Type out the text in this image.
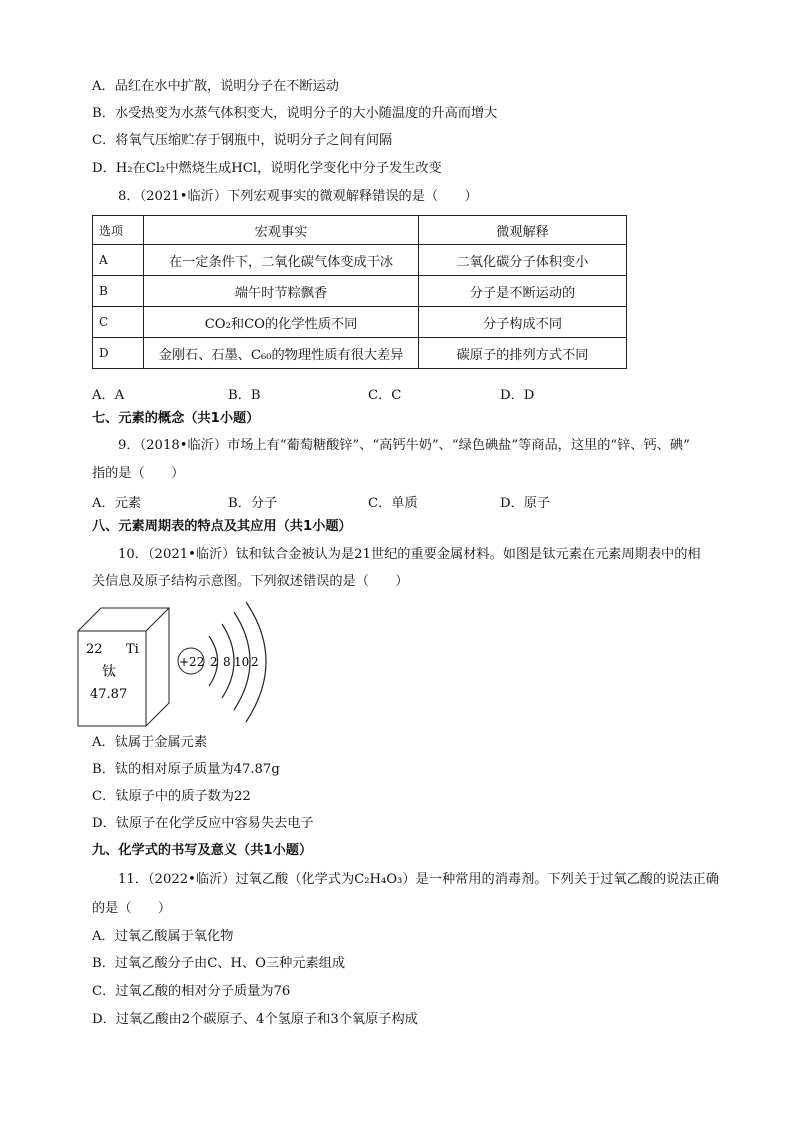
A．品红在水中扩散，说明分子在不断运动
B．水受热变为水蒸气体积变大，说明分子的大小随温度的升高而增大
C．将氧气压缩贮存于钢瓶中，说明分子之间有间隔
D．H₂在Cl₂中燃烧生成HCl，说明化学变化中分子发生改变
8．（2021•临沂）下列宏观事实的微观解释错误的是（　　）
选项	宏观事实	微观解释
A	在一定条件下，二氧化碳气体变成干冰	二氧化碳分子体积变小
B	端午时节粽飘香	分子是不断运动的
C	CO₂和CO的化学性质不同	分子构成不同
D	金刚石、石墨、C₆₀的物理性质有很大差异	碳原子的排列方式不同
A．A	B．B	C．C	D．D
七、元素的概念（共1小题）
9．（2018•临沂）市场上有“葡萄糖酸锌”、“高钙牛奶”、“绿色碘盐”等商品，这里的“锌、钙、碘”
指的是（　　）
A．元素	B．分子	C．单质	D．原子
八、元素周期表的特点及其应用（共1小题）
10．（2021•临沂）钛和钛合金被认为是21世纪的重要金属材料。如图是钛元素在元素周期表中的相
关信息及原子结构示意图。下列叙述错误的是（　　）
22 Ti
钛
47.87
+22 2 8 10 2
A．钛属于金属元素
B．钛的相对原子质量为47.87g
C．钛原子中的质子数为22
D．钛原子在化学反应中容易失去电子
九、化学式的书写及意义（共1小题）
11．（2022•临沂）过氧乙酸（化学式为C₂H₄O₃）是一种常用的消毒剂。下列关于过氧乙酸的说法正确
的是（　　）
A．过氧乙酸属于氧化物
B．过氧乙酸分子由C、H、O三种元素组成
C．过氧乙酸的相对分子质量为76
D．过氧乙酸由2个碳原子、4个氢原子和3个氧原子构成
